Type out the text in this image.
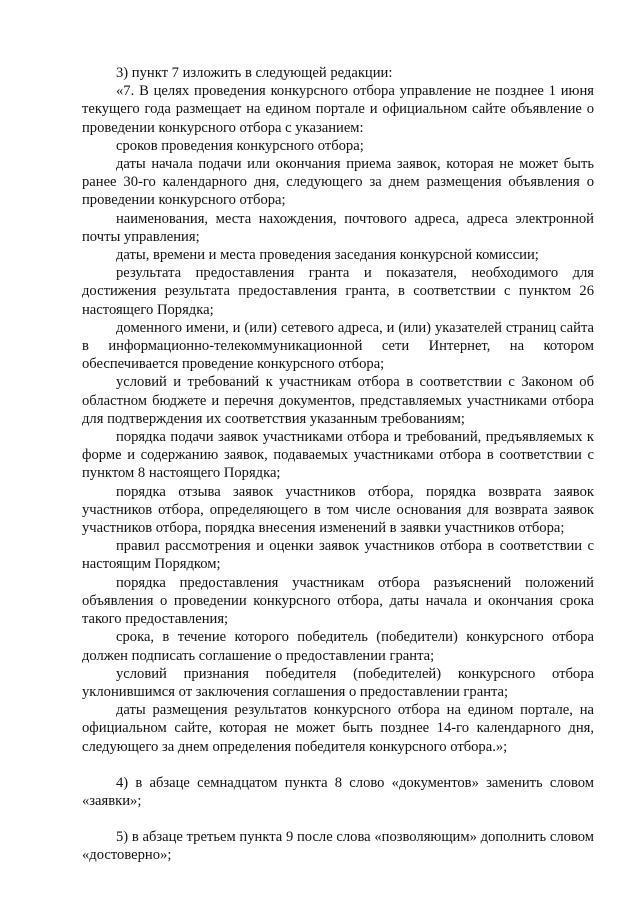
3) пункт 7 изложить в следующей редакции:

«7. В целях проведения конкурсного отбора управление не позднее 1 июня текущего года размещает на едином портале и официальном сайте объявление о проведении конкурсного отбора с указанием:

сроков проведения конкурсного отбора;

даты начала подачи или окончания приема заявок, которая не может быть ранее 30-го календарного дня, следующего за днем размещения объявления о проведении конкурсного отбора;

наименования, места нахождения, почтового адреса, адреса электронной почты управления;

даты, времени и места проведения заседания конкурсной комиссии;

результата предоставления гранта и показателя, необходимого для достижения результата предоставления гранта, в соответствии с пунктом 26 настоящего Порядка;

доменного имени, и (или) сетевого адреса, и (или) указателей страниц сайта в информационно-телекоммуникационной сети Интернет, на котором обеспечивается проведение конкурсного отбора;

условий и требований к участникам отбора в соответствии с Законом об областном бюджете и перечня документов, представляемых участниками отбора для подтверждения их соответствия указанным требованиям;

порядка подачи заявок участниками отбора и требований, предъявляемых к форме и содержанию заявок, подаваемых участниками отбора в соответствии с пунктом 8 настоящего Порядка;

порядка отзыва заявок участников отбора, порядка возврата заявок участников отбора, определяющего в том числе основания для возврата заявок участников отбора, порядка внесения изменений в заявки участников отбора;

правил рассмотрения и оценки заявок участников отбора в соответствии с настоящим Порядком;

порядка предоставления участникам отбора разъяснений положений объявления о проведении конкурсного отбора, даты начала и окончания срока такого предоставления;

срока, в течение которого победитель (победители) конкурсного отбора должен подписать соглашение о предоставлении гранта;

условий признания победителя (победителей) конкурсного отбора уклонившимся от заключения соглашения о предоставлении гранта;

даты размещения результатов конкурсного отбора на едином портале, на официальном сайте, которая не может быть позднее 14-го календарного дня, следующего за днем определения победителя конкурсного отбора.»;

4) в абзаце семнадцатом пункта 8 слово «документов» заменить словом «заявки»;

5) в абзаце третьем пункта 9 после слова «позволяющим» дополнить словом «достоверно»;
